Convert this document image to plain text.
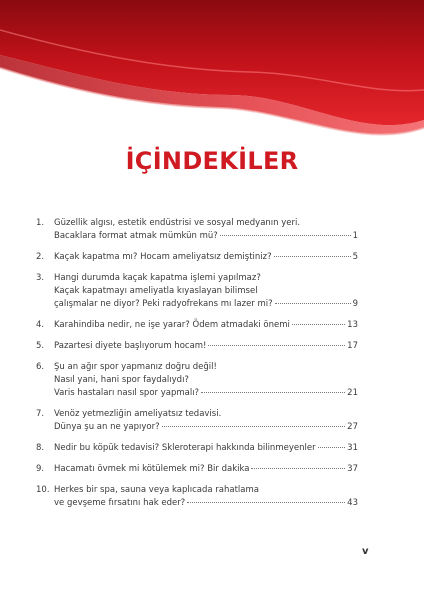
İÇİNDEKİLER
1.	Güzellik algısı, estetik endüstrisi ve sosyal medyanın yeri.
Bacaklara format atmak mümkün mü?	1
2.	Kaçak kapatma mı? Hocam ameliyatsız demiştiniz?	5
3.	Hangi durumda kaçak kapatma işlemi yapılmaz?
Kaçak kapatmayı ameliyatla kıyaslayan bilimsel
çalışmalar ne diyor? Peki radyofrekans mı lazer mi?	9
4.	Karahindiba nedir, ne işe yarar? Ödem atmadaki önemi	13
5.	Pazartesi diyete başlıyorum hocam!	17
6.	Şu an ağır spor yapmanız doğru değil!
Nasıl yani, hani spor faydalıydı?
Varis hastaları nasıl spor yapmalı?	21
7.	Venöz yetmezliğin ameliyatsız tedavisi.
Dünya şu an ne yapıyor?	27
8.	Nedir bu köpük tedavisi? Skleroterapi hakkında bilinmeyenler	31
9.	Hacamatı övmek mi kötülemek mi? Bir dakika	37
10. Herkes bir spa, sauna veya kaplıcada rahatlama
ve gevşeme fırsatını hak eder?	43
v
